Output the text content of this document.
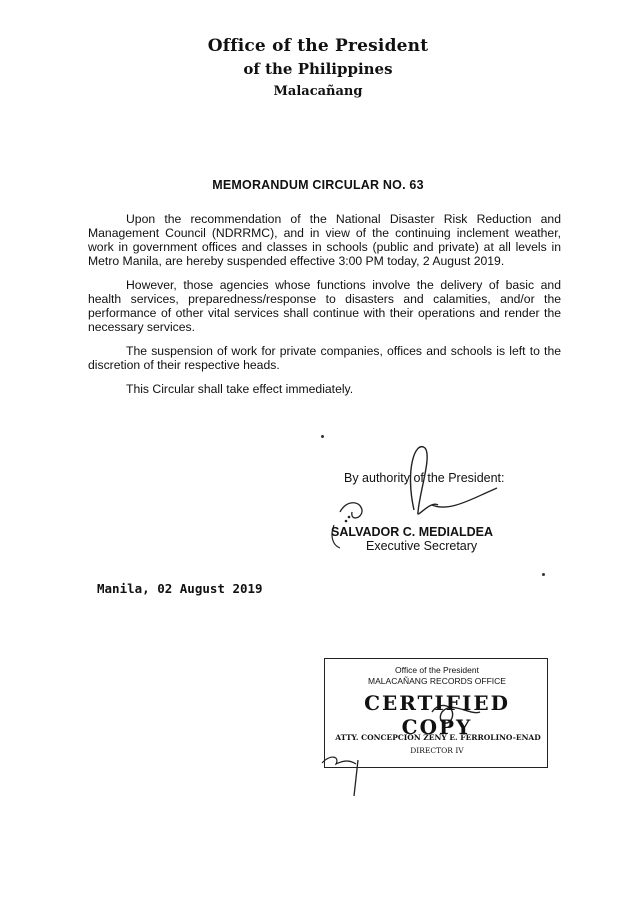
Office of the President
of the Philippines
Malacañang
MEMORANDUM CIRCULAR NO. 63

Upon the recommendation of the National Disaster Risk Reduction and Management Council (NDRRMC), and in view of the continuing inclement weather, work in government offices and classes in schools (public and private) at all levels in Metro Manila, are hereby suspended effective 3:00 PM today, 2 August 2019.

However, those agencies whose functions involve the delivery of basic and health services, preparedness/response to disasters and calamities, and/or the performance of other vital services shall continue with their operations and render the necessary services.

The suspension of work for private companies, offices and schools is left to the discretion of their respective heads.

This Circular shall take effect immediately.

By authority of the President:
SALVADOR C. MEDIALDEA
Executive Secretary
Manila, 02 August 2019
Office of the President
MALACAÑANG RECORDS OFFICE
CERTIFIED COPY
ATTY. CONCEPCION ZENY E. FERROLINO-ENAD
DIRECTOR IV
